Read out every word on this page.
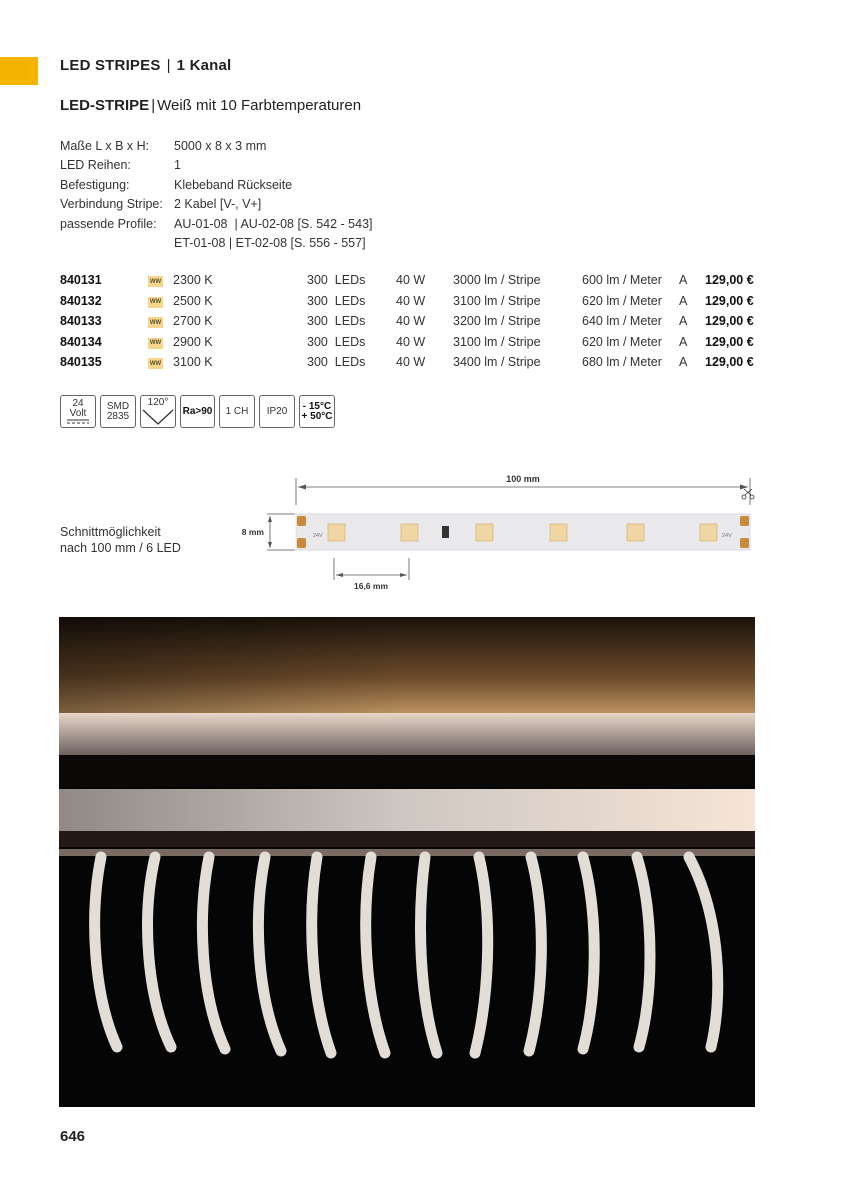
LED STRIPES | 1 Kanal
LED-STRIPE | Weiß mit 10 Farbtemperaturen
Maße L x B x H:	5000 x 8 x 3 mm
LED Reihen:	1
Befestigung:	Klebeband Rückseite
Verbindung Stripe: 2 Kabel [V-, V+]
passende Profile:	AU-01-08  | AU-02-08 [S. 542 - 543]
ET-01-08 | ET-02-08 [S. 556 - 557]
840131	WW 2300 K	300  LEDs 40 W 3000 lm / Stripe	600 lm / Meter A 129,00 €
840132	WW 2500 K	300  LEDs 40 W 3100 lm / Stripe	620 lm / Meter A 129,00 €
840133	WW 2700 K	300  LEDs 40 W 3200 lm / Stripe	640 lm / Meter A 129,00 €
840134	WW 2900 K	300  LEDs 40 W 3100 lm / Stripe	620 lm / Meter A 129,00 €
840135	WW 3100 K	300  LEDs 40 W 3400 lm / Stripe	680 lm / Meter A 129,00 €
24
Volt
SMD
2835
120°
Ra>90 1 CH IP20 - 15°C
+ 50°C
Schnittmöglichkeit
nach 100 mm / 6 LED
100 mm
8 mm	24V	24V
16,6 mm
646
